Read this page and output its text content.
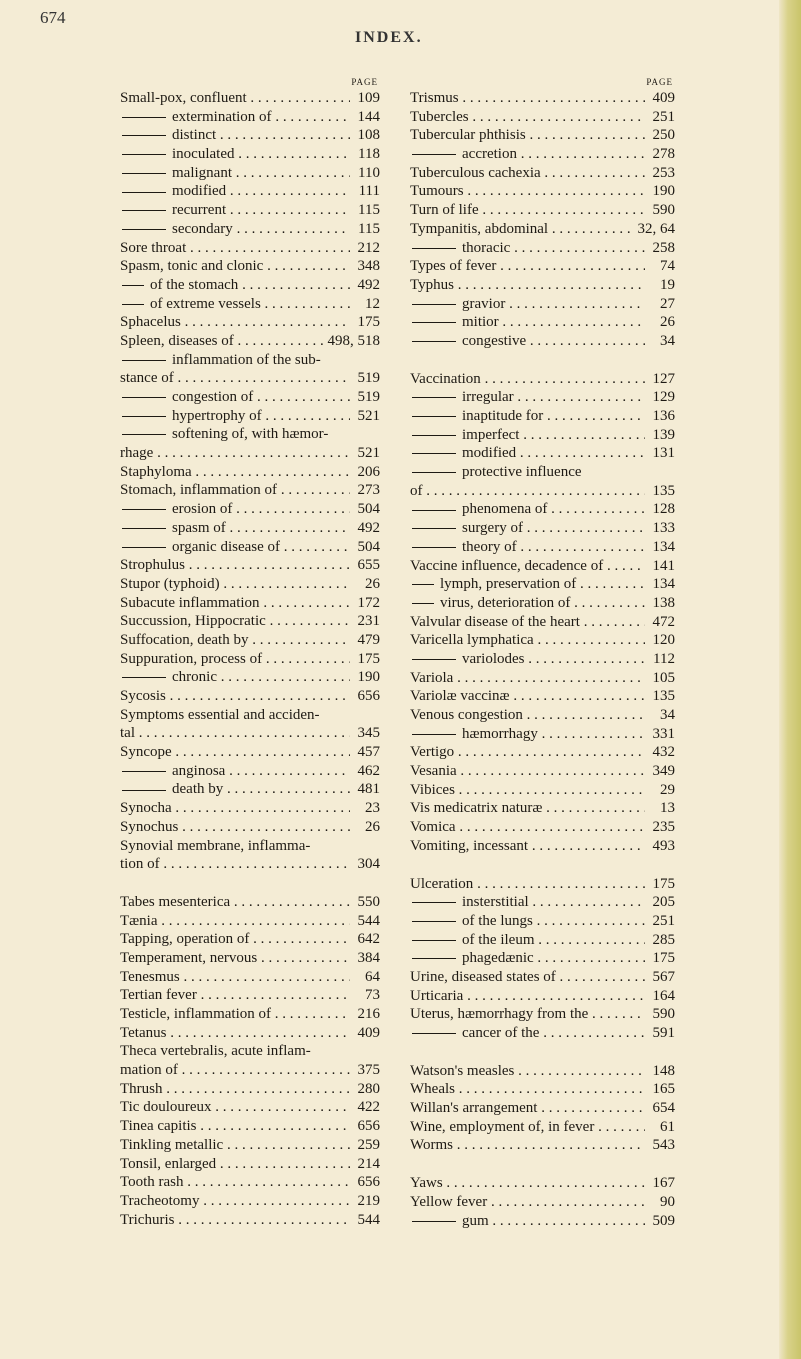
674
INDEX.
PAGE
Small-pox, confluent . . .	109
extermination of . . .	144
distinct . . .	108
inoculated . . .	118
malignant . . .	110
modified . . .	111
recurrent . . .	115
secondary . . .	115
Sore throat . . .	212
Spasm, tonic and clonic . . .	348
of the stomach . . .	492
of extreme vessels . . .	12
Sphacelus . . .	175
Spleen, diseases of . . .	498, 518
inflammation of the sub-
stance of . . .	519
congestion of . . .	519
hypertrophy of . . .	521
softening of, with hæmor-
rhage . . .	521
Staphyloma . . .	206
Stomach, inflammation of . . .	273
erosion of . . .	504
spasm of . . .	492
organic disease of . . .	504
Strophulus . . .	655
Stupor (typhoid) . . .	26
Subacute inflammation . . .	172
Succussion, Hippocratic . . .	231
Suffocation, death by . . .	479
Suppuration, process of . . .	175
chronic . . .	190
Sycosis . . .	656
Symptoms essential and acciden-
tal . . .	345
Syncope . . .	457
anginosa . . .	462
death by . . .	481
Synocha . . .	23
Synochus . . .	26
Synovial membrane, inflamma-
tion of . . .	304
Tabes mesenterica . . .	550
Tænia . . .	544
Tapping, operation of . . .	642
Temperament, nervous . . .	384
Tenesmus . . .	64
Tertian fever . . .	73
Testicle, inflammation of . . .	216
Tetanus . . .	409
Theca vertebralis, acute inflam-
mation of . . .	375
Thrush . . .	280
Tic douloureux . . .	422
Tinea capitis . . .	656
Tinkling metallic . . .	259
Tonsil, enlarged . . .	214
Tooth rash . . .	656
Tracheotomy . . .	219
Trichuris . . .	544
PAGE
Trismus . . .	409
Tubercles . . .	251
Tubercular phthisis . . .	250
accretion . . .	278
Tuberculous cachexia . . .	253
Tumours . . .	190
Turn of life . . .	590
Tympanitis, abdominal . . .	32, 64
thoracic . . .	258
Types of fever . . .	74
Typhus . . .	19
gravior . . .	27
mitior . . .	26
congestive . . .	34
Vaccination . . .	127
irregular . . .	129
inaptitude for . . .	136
imperfect . . .	139
modified . . .	131
protective influence
of . . .	135
phenomena of . . .	128
surgery of . . .	133
theory of . . .	134
Vaccine influence, decadence of . . .	141
lymph, preservation of . . .	134
virus, deterioration of . . .	138
Valvular disease of the heart . . .	472
Varicella lymphatica . . .	120
variolodes . . .	112
Variola . . .	105
Variolæ vaccinæ . . .	135
Venous congestion . . .	34
hæmorrhagy . . .	331
Vertigo . . .	432
Vesania . . .	349
Vibices . . .	29
Vis medicatrix naturæ . . .	13
Vomica . . .	235
Vomiting, incessant . . .	493
Ulceration . . .	175
insterstitial . . .	205
of the lungs . . .	251
of the ileum . . .	285
phagedænic . . .	175
Urine, diseased states of . . .	567
Urticaria . . .	164
Uterus, hæmorrhagy from the . . .	590
cancer of the . . .	591
Watson's measles . . .	148
Wheals . . .	165
Willan's arrangement . . .	654
Wine, employment of, in fever . . .	61
Worms . . .	543
Yaws . . .	167
Yellow fever . . .	90
gum . . .	509
